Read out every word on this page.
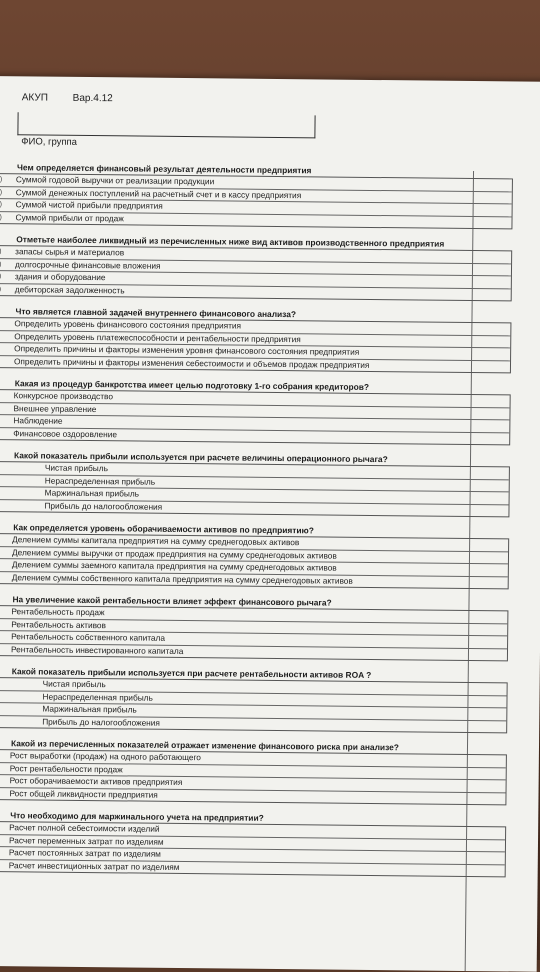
АКУП Вар.4.12
ФИО, группа
Чем определяется финансовый результат деятельности предприятия
)	Суммой годовой выручки от реализации продукции
)	Суммой денежных поступлений на расчетный счет и в кассу предприятия
)	Суммой чистой прибыли предприятия
)	Суммой прибыли от продаж
Отметьте наиболее ликвидный из перечисленных ниже вид активов производственного предприятия
)	запасы сырья и материалов
)	долгосрочные финансовые вложения
)	здания и оборудование
дебиторская задолженность
Что является главной задачей внутреннего финансового анализа?
Определить уровень финансового состояния предприятия
Определить уровень платежеспособности и рентабельности предприятия
Определить причины и факторы изменения уровня финансового состояния предприятия
Определить причины и факторы изменения себестоимости и объемов продаж предприятия
Какая из процедур банкротства имеет целью подготовку 1-го собрания кредиторов?
Конкурсное производство
Внешнее управление
Наблюдение
Финансовое оздоровление
Какой показатель прибыли используется при расчете величины операционного рычага?
Чистая прибыль
Нераспределенная прибыль
Маржинальная прибыль
Прибыль до налогообложения
Как определяется уровень оборачиваемости активов по предприятию?
Делением суммы капитала предприятия на сумму среднегодовых активов
Делением суммы выручки от продаж предприятия на сумму среднегодовых активов
Делением суммы заемного капитала предприятия на сумму среднегодовых активов
Делением суммы собственного капитала предприятия на сумму среднегодовых активов
На увеличение какой рентабельности влияет эффект финансового рычага?
Рентабельность продаж
Рентабельность активов
Рентабельность собственного капитала
Рентабельность инвестированного капитала
Какой показатель прибыли используется при расчете рентабельности активов ROA ?
Чистая прибыль
Нераспределенная прибыль
Маржинальная прибыль
Прибыль до налогообложения
Какой из перечисленных показателей отражает изменение финансового риска при анализе?
Рост выработки (продаж) на одного работающего
Рост рентабельности продаж
Рост оборачиваемости активов предприятия
Рост общей ликвидности предприятия
Что необходимо для маржинального учета на предприятии?
Расчет полной себестоимости изделий
Расчет переменных затрат по изделиям
Расчет постоянных затрат по изделиям
Расчет инвестиционных затрат по изделиям
